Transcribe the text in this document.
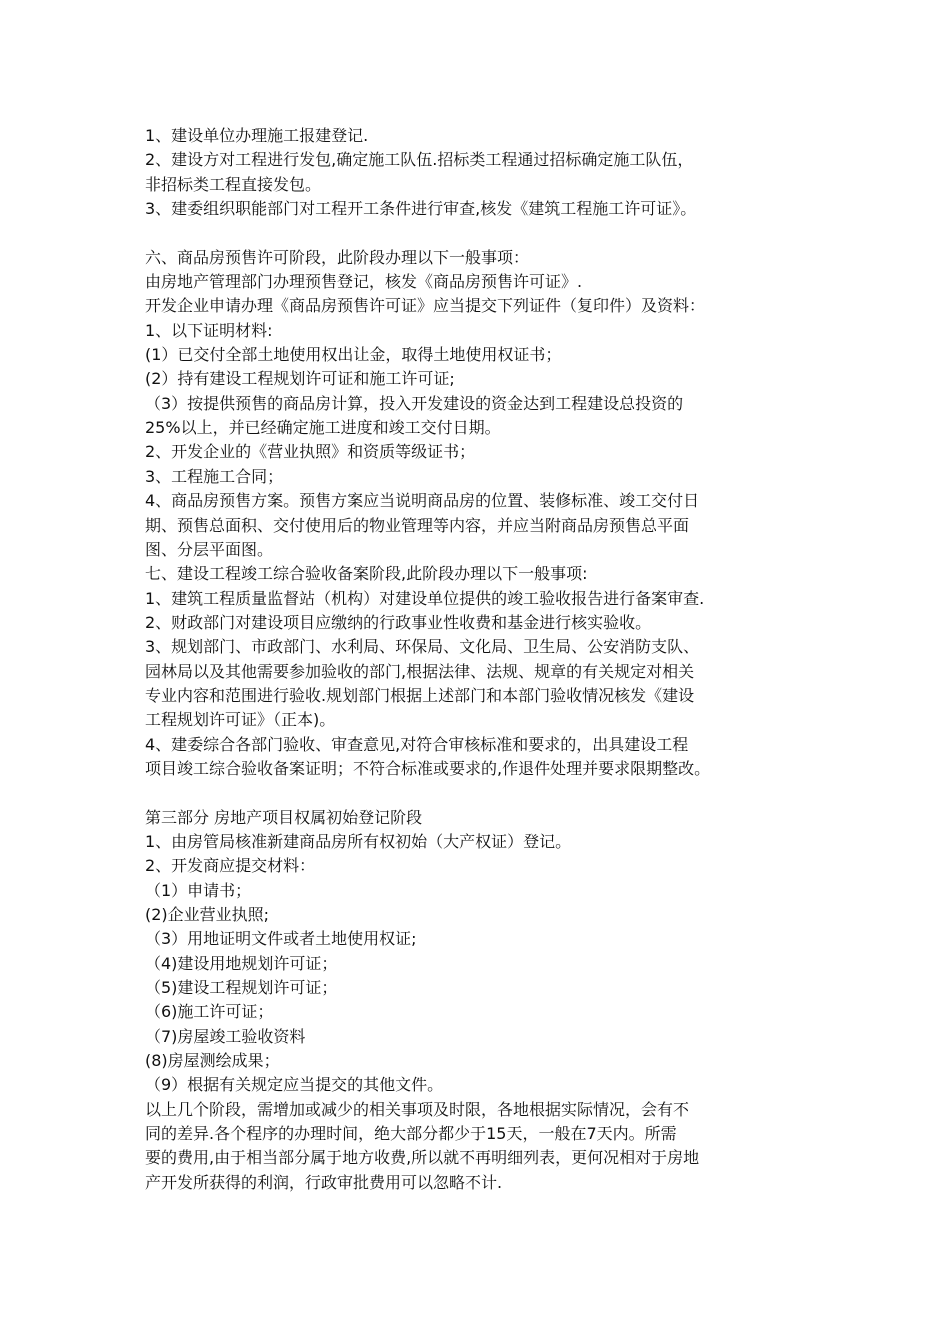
1、建设单位办理施工报建登记.
2、建设方对工程进行发包,确定施工队伍.招标类工程通过招标确定施工队伍，
非招标类工程直接发包。
3、建委组织职能部门对工程开工条件进行审查,核发《建筑工程施工许可证》。
六、商品房预售许可阶段，此阶段办理以下一般事项：
由房地产管理部门办理预售登记，核发《商品房预售许可证》.
开发企业申请办理《商品房预售许可证》应当提交下列证件（复印件）及资料：
1、以下证明材料:
(1）已交付全部土地使用权出让金，取得土地使用权证书；
(2）持有建设工程规划许可证和施工许可证;
（3）按提供预售的商品房计算，投入开发建设的资金达到工程建设总投资的
25%以上，并已经确定施工进度和竣工交付日期。
2、开发企业的《营业执照》和资质等级证书；
3、工程施工合同；
4、商品房预售方案。预售方案应当说明商品房的位置、装修标准、竣工交付日
期、预售总面积、交付使用后的物业管理等内容，并应当附商品房预售总平面
图、分层平面图。
七、建设工程竣工综合验收备案阶段,此阶段办理以下一般事项:
1、建筑工程质量监督站（机构）对建设单位提供的竣工验收报告进行备案审查.
2、财政部门对建设项目应缴纳的行政事业性收费和基金进行核实验收。
3、规划部门、市政部门、水利局、环保局、文化局、卫生局、公安消防支队、
园林局以及其他需要参加验收的部门,根据法律、法规、规章的有关规定对相关
专业内容和范围进行验收.规划部门根据上述部门和本部门验收情况核发《建设
工程规划许可证》（正本)。
4、建委综合各部门验收、审查意见,对符合审核标准和要求的，出具建设工程
项目竣工综合验收备案证明；不符合标准或要求的,作退件处理并要求限期整改。
第三部分 房地产项目权属初始登记阶段
1、由房管局核准新建商品房所有权初始（大产权证）登记。
2、开发商应提交材料：
（1）申请书；
(2)企业营业执照;
（3）用地证明文件或者土地使用权证;
（4)建设用地规划许可证；
（5)建设工程规划许可证；
（6)施工许可证；
（7)房屋竣工验收资料
(8)房屋测绘成果；
（9）根据有关规定应当提交的其他文件。
以上几个阶段，需增加或减少的相关事项及时限，各地根据实际情况，会有不
同的差异.各个程序的办理时间，绝大部分都少于15天，一般在7天内。所需
要的费用,由于相当部分属于地方收费,所以就不再明细列表，更何况相对于房地
产开发所获得的利润，行政审批费用可以忽略不计.
